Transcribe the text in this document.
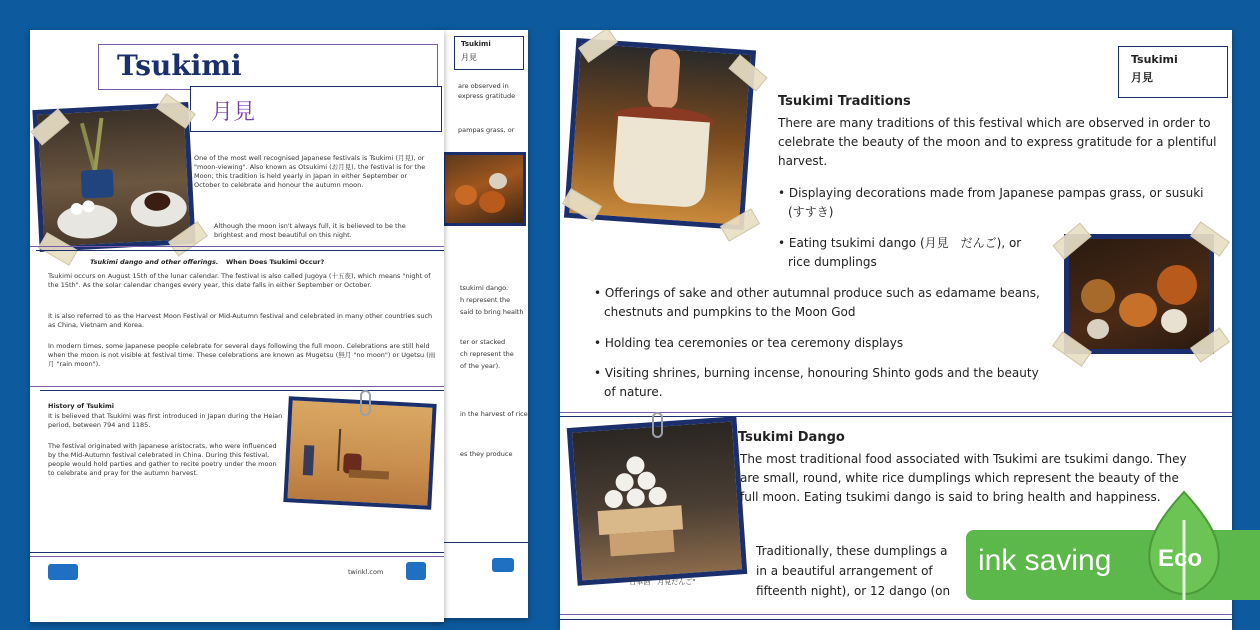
Tsukimi
月見
are observed in
express gratitude
pampas grass, or
tsukimi dango.
h represent the
said to bring health
ter or stacked
ch represent the
of the year).
in the harvest of rice
es they produce
Tsukimi
月見
Tsukimi dango and other offerings.
One of the most well recognised Japanese festivals is Tsukimi (月見), or "moon-viewing". Also known as Otsukimi (お月見), the festival is for the Moon; this tradition is held yearly in Japan in either September or October to celebrate and honour the autumn moon.
Although the moon isn't always full, it is believed to be the brightest and most beautiful on this night.
When Does Tsukimi Occur?
Tsukimi occurs on August 15th of the lunar calendar. The festival is also called Jugoya (十五夜), which means "night of the 15th". As the solar calendar changes every year, this date falls in either September or October.
It is also referred to as the Harvest Moon Festival or Mid-Autumn festival and celebrated in many other countries such as China, Vietnam and Korea.
In modern times, some Japanese people celebrate for several days following the full moon. Celebrations are still held when the moon is not visible at festival time. These celebrations are known as Mugetsu (無月 "no moon") or Ugetsu (雨月 "rain moon").
History of Tsukimi
It is believed that Tsukimi was first introduced in Japan during the Heian period, between 794 and 1185.
The festival originated with Japanese aristocrats, who were influenced by the Mid-Autumn festival celebrated in China. During this festival, people would hold parties and gather to recite poetry under the moon to celebrate and pray for the autumn harvest.
twinkl.com
Tsukimi
月見
Tsukimi Traditions
There are many traditions of this festival which are observed in order to celebrate the beauty of the moon and to express gratitude for a plentiful harvest.
• Displaying decorations made from Japanese pampas grass, or susuki (すすき)
• Eating tsukimi dango (月見　だんご), or rice dumplings
• Offerings of sake and other autumnal produce such as edamame beans, chestnuts and pumpkins to the Moon God
• Holding tea ceremonies or tea ceremony displays
• Visiting shrines, burning incense, honouring Shinto gods and the beauty of nature.
"日本酒　月見だんご"
Tsukimi Dango
The most traditional food associated with Tsukimi are tsukimi dango. They are small, round, white rice dumplings which represent the beauty of the full moon. Eating tsukimi dango is said to bring health and happiness.
Traditionally, these dumplings a
in a beautiful arrangement of
fifteenth night), or 12 dango (on
ink saving Eco
